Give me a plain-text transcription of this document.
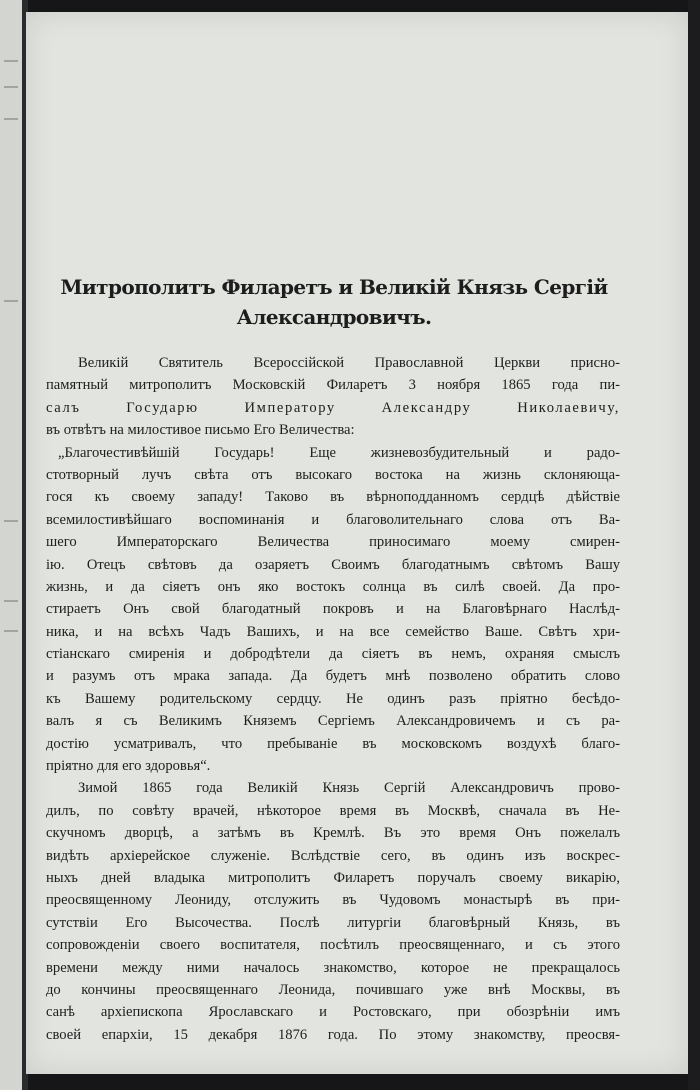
Митрополитъ Филаретъ и Великій Князь Сергій
Александровичъ.
Великій Святитель Всероссійской Православной Церкви присно-
памятный митрополитъ Московскій Филаретъ 3 ноября 1865 года пи-
салъ Государю Императору Александру Николаевичу,
въ отвѣтъ на милостивое письмо Его Величества:
„Благочестивѣйшій Государь! Еще жизневозбудительный и радо-
стотворный лучъ свѣта отъ высокаго востока на жизнь склоняюща-
гося къ своему западу! Таково въ вѣрноподданномъ сердцѣ дѣйствіе
всемилостивѣйшаго воспоминанія и благоволительнаго слова отъ Ва-
шего Императорскаго Величества приносимаго моему смирен-
ію. Отецъ свѣтовъ да озаряетъ Своимъ благодатнымъ свѣтомъ Вашу
жизнь, и да сіяетъ онъ яко востокъ солнца въ силѣ своей. Да про-
стираетъ Онъ свой благодатный покровъ и на Благовѣрнаго Наслѣд-
ника, и на всѣхъ Чадъ Вашихъ, и на все семейство Ваше. Свѣтъ хри-
стіанскаго смиренія и добродѣтели да сіяетъ въ немъ, охраняя смыслъ
и разумъ отъ мрака запада. Да будетъ мнѣ позволено обратить слово
къ Вашему родительскому сердцу. Не одинъ разъ пріятно бесѣдо-
валъ я съ Великимъ Княземъ Сергіемъ Александровичемъ и съ ра-
достію усматривалъ, что пребываніе въ московскомъ воздухѣ благо-
пріятно для его здоровья“.
Зимой 1865 года Великій Князь Сергій Александровичъ прово-
дилъ, по совѣту врачей, нѣкоторое время въ Москвѣ, сначала въ Не-
скучномъ дворцѣ, а затѣмъ въ Кремлѣ. Въ это время Онъ пожелалъ
видѣть архіерейское служеніе. Вслѣдствіе сего, въ одинъ изъ воскрес-
ныхъ дней владыка митрополитъ Филаретъ поручалъ своему викарію,
преосвященному Леониду, отслужить въ Чудовомъ монастырѣ въ при-
сутствіи Его Высочества. Послѣ литургіи благовѣрный Князь, въ
сопровожденіи своего воспитателя, посѣтилъ преосвященнаго, и съ этого
времени между ними началось знакомство, которое не прекращалось
до кончины преосвященнаго Леонида, почившаго уже внѣ Москвы, въ
санѣ архіепископа Ярославскаго и Ростовскаго, при обозрѣніи имъ
своей епархіи, 15 декабря 1876 года. По этому знакомству, преосвя-
